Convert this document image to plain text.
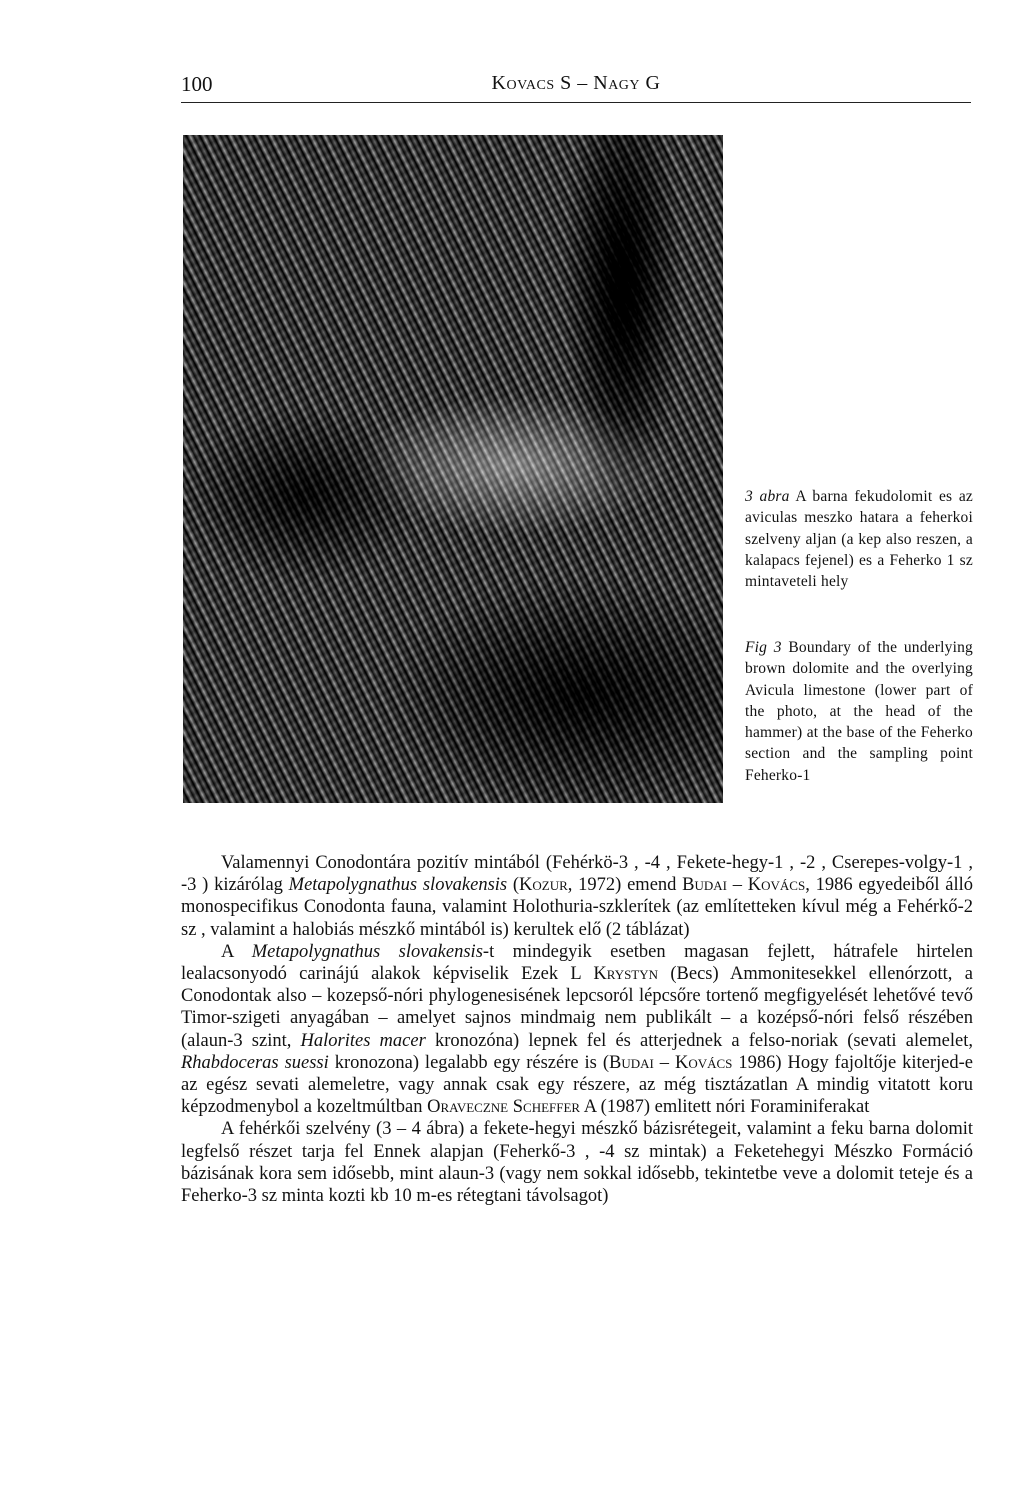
100	Kovacs S – Nagy G
3 abra A barna fekudolomit es az aviculas meszko hatara a feherkoi szelveny aljan (a kep also reszen, a kalapacs fejenel) es a Feherko 1 sz mintaveteli hely
Fig 3 Boundary of the underlying brown dolomite and the overlying Avicula limestone (lower part of the photo, at the head of the hammer) at the base of the Feherko section and the sampling point Feherko-1

Valamennyi Conodontára pozitív mintából (Fehérkö-3 , -4 , Fekete-hegy-1 , -2 , Cserepes-volgy-1 , -3 ) kizárólag Metapolygnathus slovakensis (Kozur, 1972) emend Budai – Kovács, 1986 egyedeiből álló monospecifikus Conodonta fauna, valamint Holothuria-szklerítek (az említetteken kívul még a Fehérkő-2 sz , valamint a halobiás mészkő mintából is) kerultek elő (2 táblázat)

A Metapolygnathus slovakensis-t mindegyik esetben magasan fejlett, hátrafele hirtelen lealacsonyodó carinájú alakok képviselik Ezek L Krystyn (Becs) Ammonitesekkel ellenórzott, a Conodontak also – kozepső-nóri phylogenesisének lepcsoról lépcsőre tortenő megfigyelését lehetővé tevő Timor-szigeti anyagában – amelyet sajnos mindmaig nem publikált – a kozépső-nóri felső részében (alaun-3 szint, Halorites macer kronozóna) lepnek fel és atterjednek a felso-noriak (sevati alemelet, Rhabdoceras suessi kronozona) legalabb egy részére is (Budai – Kovács 1986) Hogy fajoltője kiterjed-e az egész sevati alemeletre, vagy annak csak egy részere, az még tisztázatlan A mindig vitatott koru képzodmenybol a kozeltmúltban Oraveczne Scheffer A (1987) emlitett nóri Foraminiferakat

A fehérkői szelvény (3 – 4 ábra) a fekete-hegyi mészkő bázisrétegeit, valamint a feku barna dolomit legfelső részet tarja fel Ennek alapjan (Feherkő-3 , -4 sz mintak) a Feketehegyi Mészko Formáció bázisának kora sem idősebb, mint alaun-3 (vagy nem sokkal idősebb, tekintetbe veve a dolomit teteje és a Feherko-3 sz minta kozti kb 10 m-es rétegtani távolsagot)
